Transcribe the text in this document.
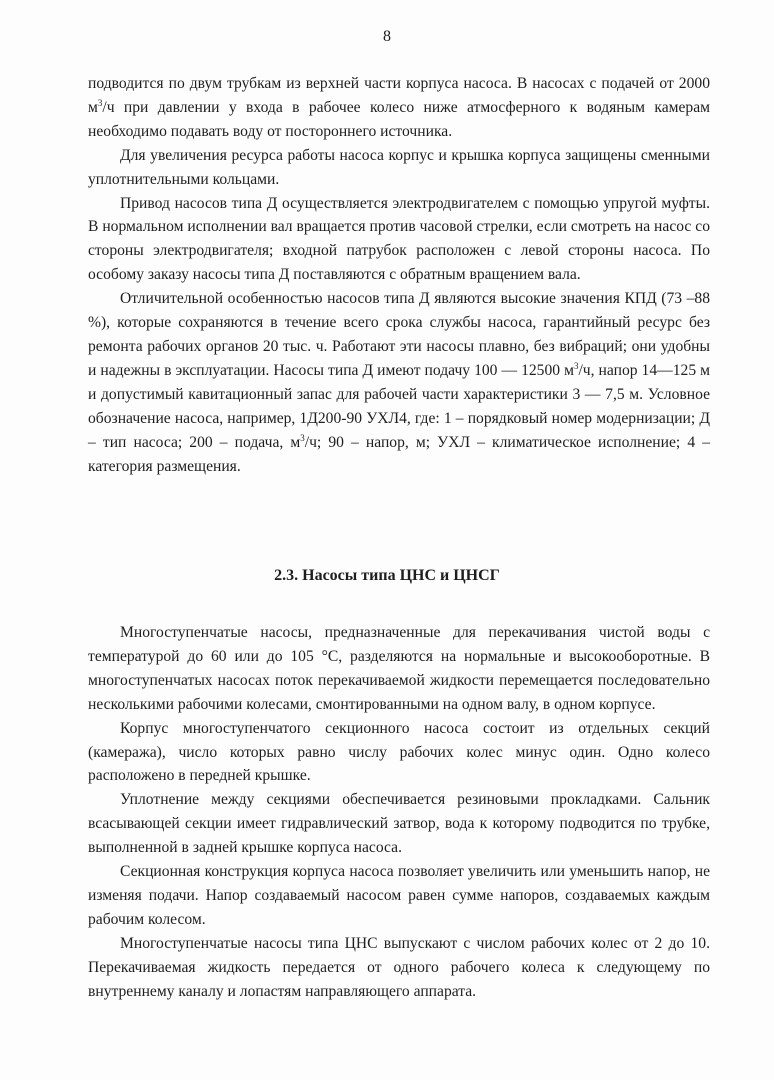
8

подводится по двум трубкам из верхней части корпуса насоса. В насосах с подачей от 2000 $м^3/ч$ при давлении у входа в рабочее колесо ниже атмосферного к водяным камерам необходимо подавать воду от постороннего источника.

Для увеличения ресурса работы насоса корпус и крышка корпуса защищены сменными уплотнительными кольцами.

Привод насосов типа Д осуществляется электродвигателем с помощью упругой муфты. В нормальном исполнении вал вращается против часовой стрелки, если смотреть на насос со стороны электродвигателя; входной патрубок расположен с левой стороны насоса. По особому заказу насосы типа Д поставляются с обратным вращением вала.

Отличительной особенностью насосов типа Д являются высокие значения КПД (73 –88 %), которые сохраняются в течение всего срока службы насоса, гарантийный ресурс без ремонта рабочих органов 20 тыс. ч. Работают эти насосы плавно, без вибраций; они удобны и надежны в эксплуатации. Насосы типа Д имеют подачу 100 — 12500 $м^3/ч$, напор 14—125 м и допустимый кавитационный запас для рабочей части характеристики 3 — 7,5 м. Условное обозначение насоса, например, 1Д200-90 УХЛ4, где: 1 – порядковый номер модернизации; Д – тип насоса; 200 – подача, $м^3/ч$; 90 – напор, м; УХЛ – климатическое исполнение; 4 – категория размещения.

2.3. Насосы типа ЦНС и ЦНСГ

Многоступенчатые насосы, предназначенные для перекачивания чистой воды с температурой до 60 или до 105 °С, разделяются на нормальные и высокооборотные. В многоступенчатых насосах поток перекачиваемой жидкости перемещается последовательно несколькими рабочими колесами, смонтированными на одном валу, в одном корпусе.

Корпус многоступенчатого секционного насоса состоит из отдельных секций (камеража), число которых равно числу рабочих колес минус один. Одно колесо расположено в передней крышке.

Уплотнение между секциями обеспечивается резиновыми прокладками. Сальник всасывающей секции имеет гидравлический затвор, вода к которому подводится по трубке, выполненной в задней крышке корпуса насоса.

Секционная конструкция корпуса насоса позволяет увеличить или уменьшить напор, не изменяя подачи. Напор создаваемый насосом равен сумме напоров, создаваемых каждым рабочим колесом.

Многоступенчатые насосы типа ЦНС выпускают с числом рабочих колес от 2 до 10. Перекачиваемая жидкость передается от одного рабочего колеса к следующему по внутреннему каналу и лопастям направляющего аппарата.
